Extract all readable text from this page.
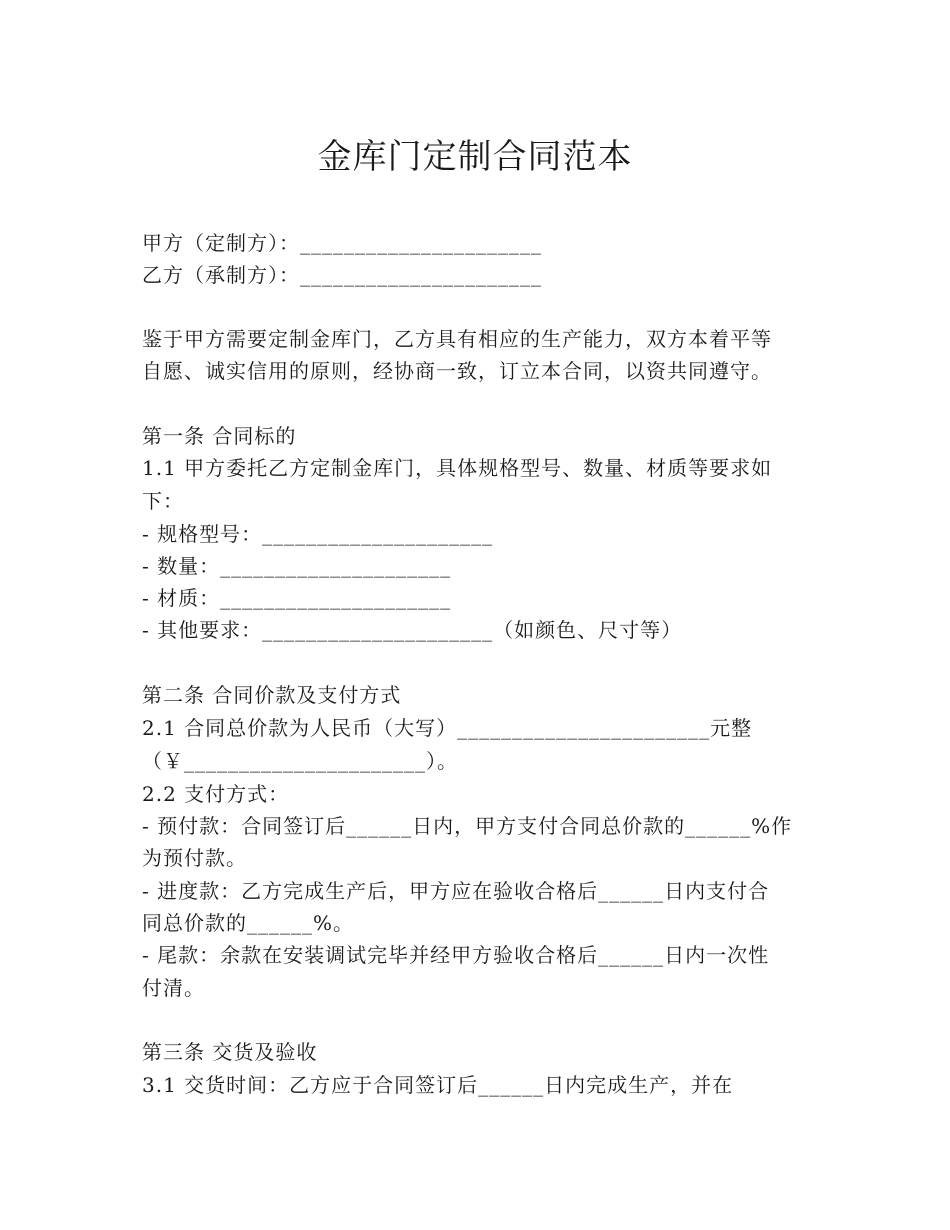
金库门定制合同范本
甲方（定制方）：______________________
乙方（承制方）：______________________
鉴于甲方需要定制金库门，乙方具有相应的生产能力，双方本着平等
自愿、诚实信用的原则，经协商一致，订立本合同，以资共同遵守。
第一条 合同标的
1.1 甲方委托乙方定制金库门，具体规格型号、数量、材质等要求如
下：
- 规格型号：_____________________
- 数量：_____________________
- 材质：_____________________
- 其他要求：_____________________（如颜色、尺寸等）
第二条 合同价款及支付方式
2.1 合同总价款为人民币（大写）_______________________元整
（￥______________________）。
2.2 支付方式：
- 预付款：合同签订后______日内，甲方支付合同总价款的______%作
为预付款。
- 进度款：乙方完成生产后，甲方应在验收合格后______日内支付合
同总价款的______%。
- 尾款：余款在安装调试完毕并经甲方验收合格后______日内一次性
付清。
第三条 交货及验收
3.1 交货时间：乙方应于合同签订后______日内完成生产，并在
